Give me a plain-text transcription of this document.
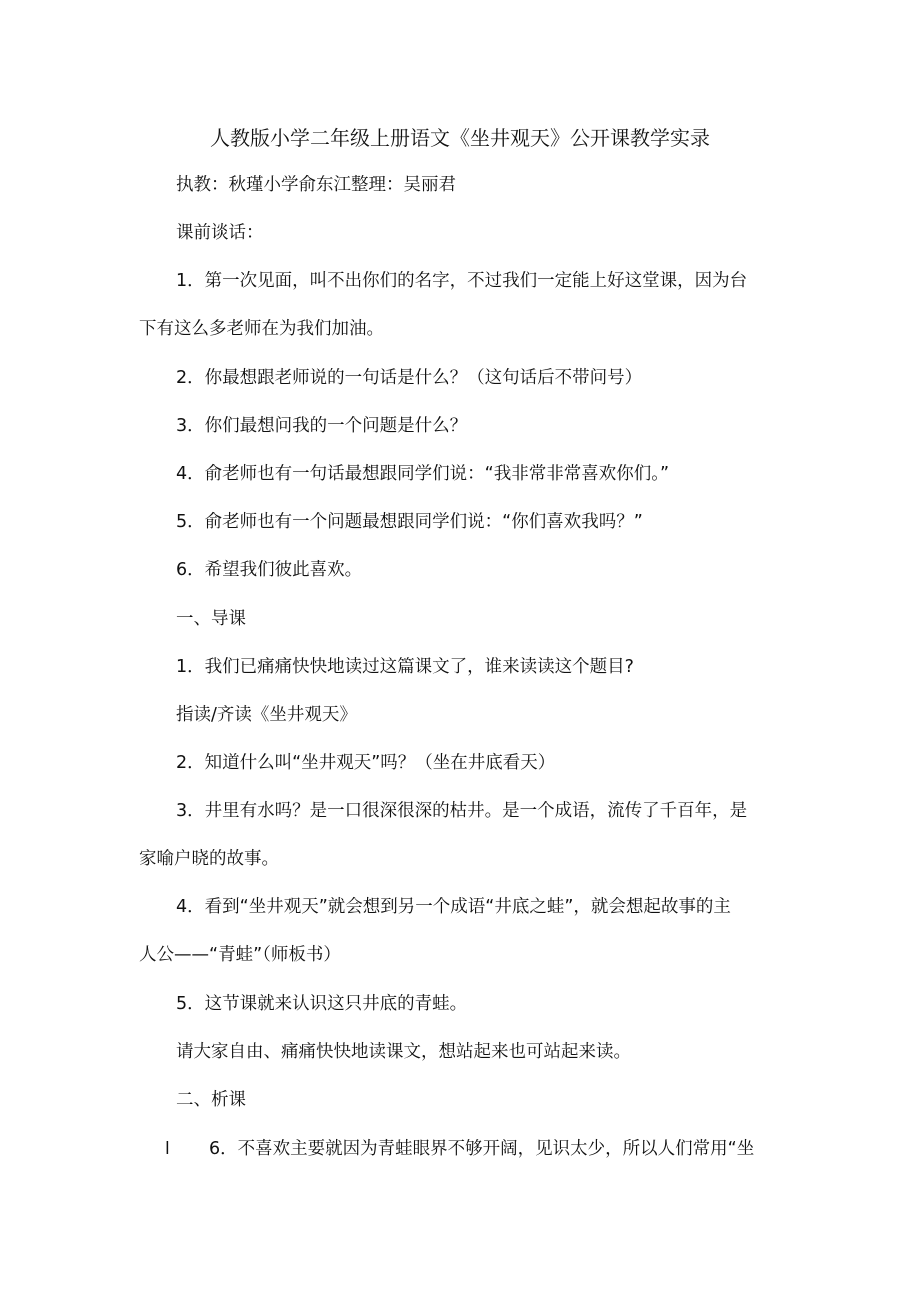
人教版小学二年级上册语文《坐井观天》公开课教学实录
执教：秋瑾小学俞东江整理：吴丽君
课前谈话：
1．第一次见面，叫不出你们的名字，不过我们一定能上好这堂课，因为台
下有这么多老师在为我们加油。
2．你最想跟老师说的一句话是什么？（这句话后不带问号）
3．你们最想问我的一个问题是什么？
4．俞老师也有一句话最想跟同学们说：“我非常非常喜欢你们。”
5．俞老师也有一个问题最想跟同学们说：“你们喜欢我吗？”
6．希望我们彼此喜欢。
一、导课
1．我们已痛痛快快地读过这篇课文了，谁来读读这个题目?
指读/齐读《坐井观天》
2．知道什么叫“坐井观天”吗？（坐在井底看天）
3．井里有水吗？是一口很深很深的枯井。是一个成语，流传了千百年，是
家喻户晓的故事。
4．看到“坐井观天”就会想到另一个成语“井底之蛙”，就会想起故事的主
人公——“青蛙”（师板书）
5．这节课就来认识这只井底的青蛙。
请大家自由、痛痛快快地读课文，想站起来也可站起来读。
二、析课
l 6．不喜欢主要就因为青蛙眼界不够开阔，见识太少，所以人们常用“坐
